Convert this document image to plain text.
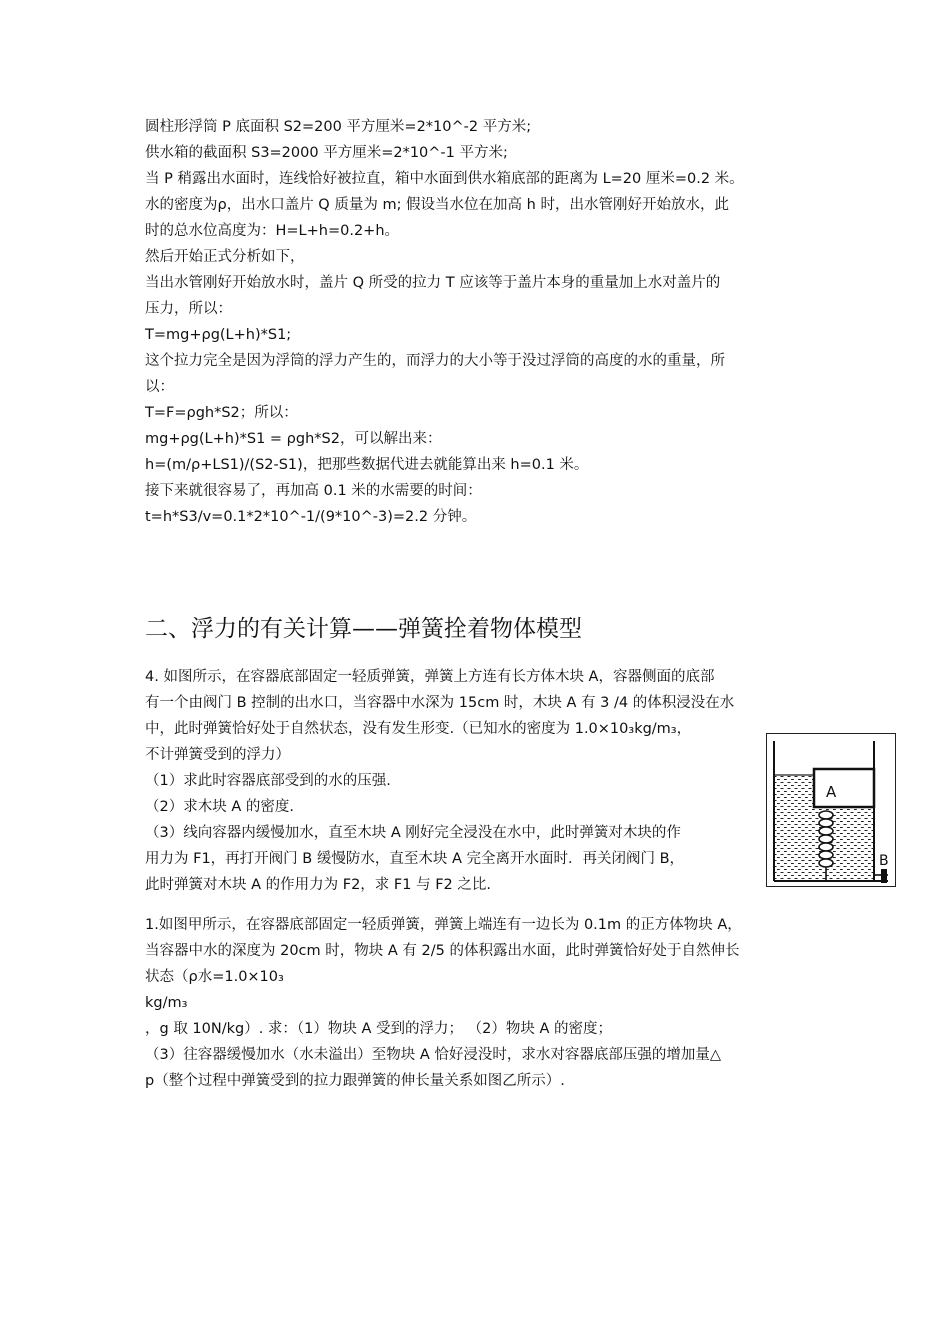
圆柱形浮筒 P 底面积 S2=200 平方厘米=2*10^-2 平方米;

供水箱的截面积 S3=2000 平方厘米=2*10^-1 平方米;

当 P 稍露出水面时，连线恰好被拉直，箱中水面到供水箱底部的距离为 L=20 厘米=0.2 米。

水的密度为ρ，出水口盖片 Q 质量为 m; 假设当水位在加高 h 时，出水管刚好开始放水，此

时的总水位高度为：H=L+h=0.2+h。

然后开始正式分析如下，

当出水管刚好开始放水时，盖片 Q 所受的拉力 T 应该等于盖片本身的重量加上水对盖片的

压力，所以：

T=mg+ρg(L+h)*S1;

这个拉力完全是因为浮筒的浮力产生的，而浮力的大小等于没过浮筒的高度的水的重量，所

以：

T=F=ρgh*S2；所以：

mg+ρg(L+h)*S1 = ρgh*S2，可以解出来：

h=(m/ρ+LS1)/(S2-S1)，把那些数据代进去就能算出来 h=0.1 米。

接下来就很容易了，再加高 0.1 米的水需要的时间：

t=h*S3/v=0.1*2*10^-1/(9*10^-3)=2.2 分钟。

二、浮力的有关计算——弹簧拴着物体模型

4. 如图所示，在容器底部固定一轻质弹簧，弹簧上方连有长方体木块 A，容器侧面的底部

有一个由阀门 B 控制的出水口，当容器中水深为 15cm 时，木块 A 有 3 /4 的体积浸没在水

中，此时弹簧恰好处于自然状态，没有发生形变.（已知水的密度为 1.0×10₃kg/m₃，

不计弹簧受到的浮力）

（1）求此时容器底部受到的水的压强.

（2）求木块 A 的密度.

（3）线向容器内缓慢加水，直至木块 A 刚好完全浸没在水中，此时弹簧对木块的作

用力为 F1，再打开阀门 B 缓慢防水，直至木块 A 完全离开水面时．再关闭阀门 B，

此时弹簧对木块 A 的作用力为 F2，求 F1 与 F2 之比.

A
B

1.如图甲所示，在容器底部固定一轻质弹簧，弹簧上端连有一边长为 0.1m 的正方体物块 A，

当容器中水的深度为 20cm 时，物块 A 有 2/5 的体积露出水面，此时弹簧恰好处于自然伸长

状态（ρ水=1.0×10₃

kg/m₃

，g 取 10N/kg）. 求：（1）物块 A 受到的浮力； （2）物块 A 的密度；

（3）往容器缓慢加水（水未溢出）至物块 A 恰好浸没时，求水对容器底部压强的增加量△

p（整个过程中弹簧受到的拉力跟弹簧的伸长量关系如图乙所示）.
